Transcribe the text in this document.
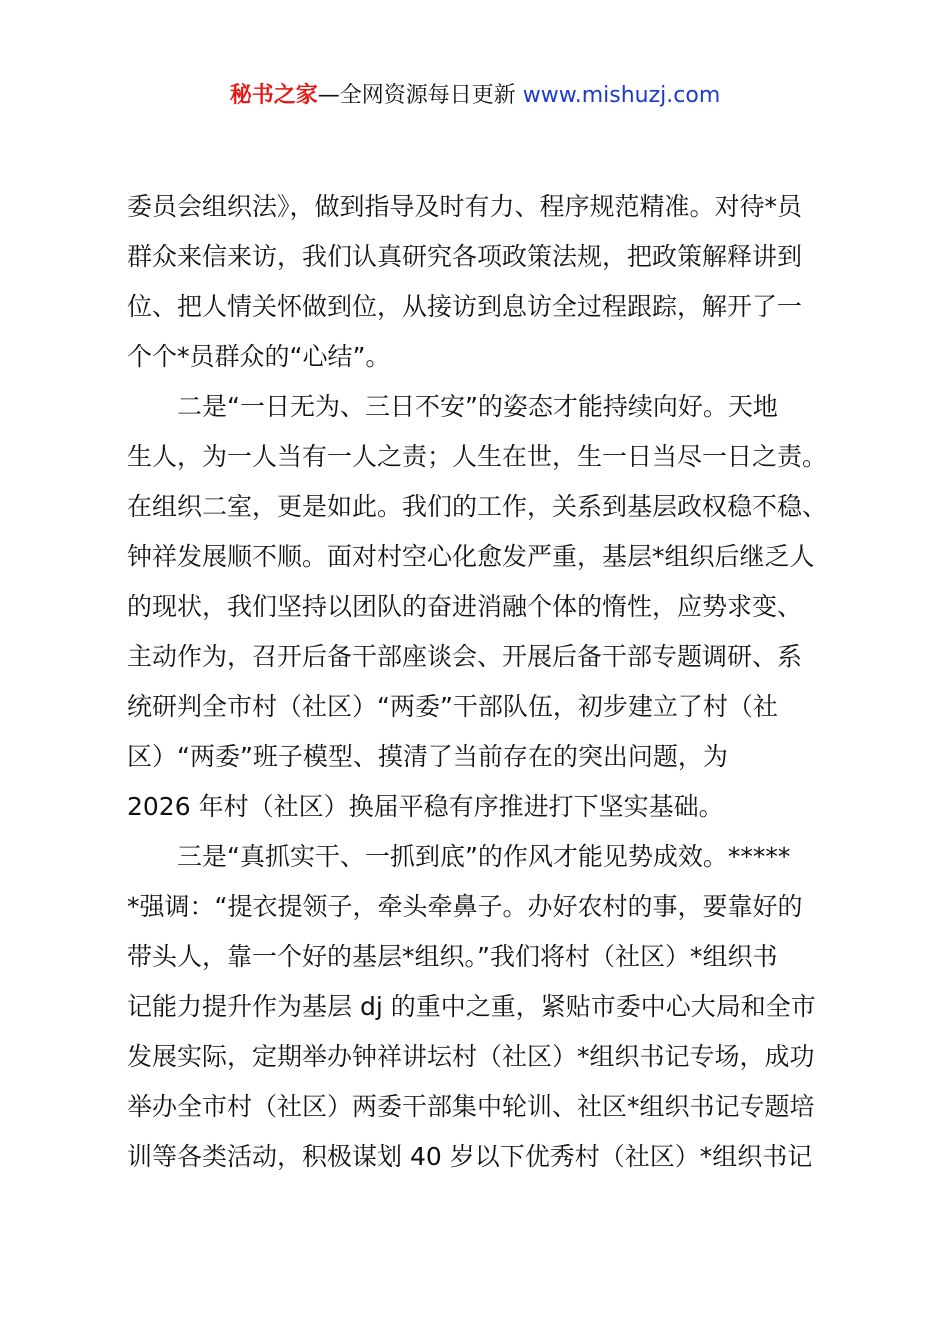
秘书之家—全网资源每日更新 www.mishuzj.com
委员会组织法》，做到指导及时有力、程序规范精准。对待*员
群众来信来访，我们认真研究各项政策法规，把政策解释讲到
位、把人情关怀做到位，从接访到息访全过程跟踪，解开了一
个个*员群众的“心结”。
　　二是“一日无为、三日不安”的姿态才能持续向好。天地
生人，为一人当有一人之责；人生在世，生一日当尽一日之责。
在组织二室，更是如此。我们的工作，关系到基层政权稳不稳、
钟祥发展顺不顺。面对村空心化愈发严重，基层*组织后继乏人
的现状，我们坚持以团队的奋进消融个体的惰性，应势求变、
主动作为，召开后备干部座谈会、开展后备干部专题调研、系
统研判全市村（社区）“两委”干部队伍，初步建立了村（社
区）“两委”班子模型、摸清了当前存在的突出问题，为
2026 年村（社区）换届平稳有序推进打下坚实基础。
　　三是“真抓实干、一抓到底”的作风才能见势成效。*****
*强调：“提衣提领子，牵头牵鼻子。办好农村的事，要靠好的
带头人，靠一个好的基层*组织。”我们将村（社区）*组织书
记能力提升作为基层 dj 的重中之重，紧贴市委中心大局和全市
发展实际，定期举办钟祥讲坛村（社区）*组织书记专场，成功
举办全市村（社区）两委干部集中轮训、社区*组织书记专题培
训等各类活动，积极谋划 40 岁以下优秀村（社区）*组织书记
